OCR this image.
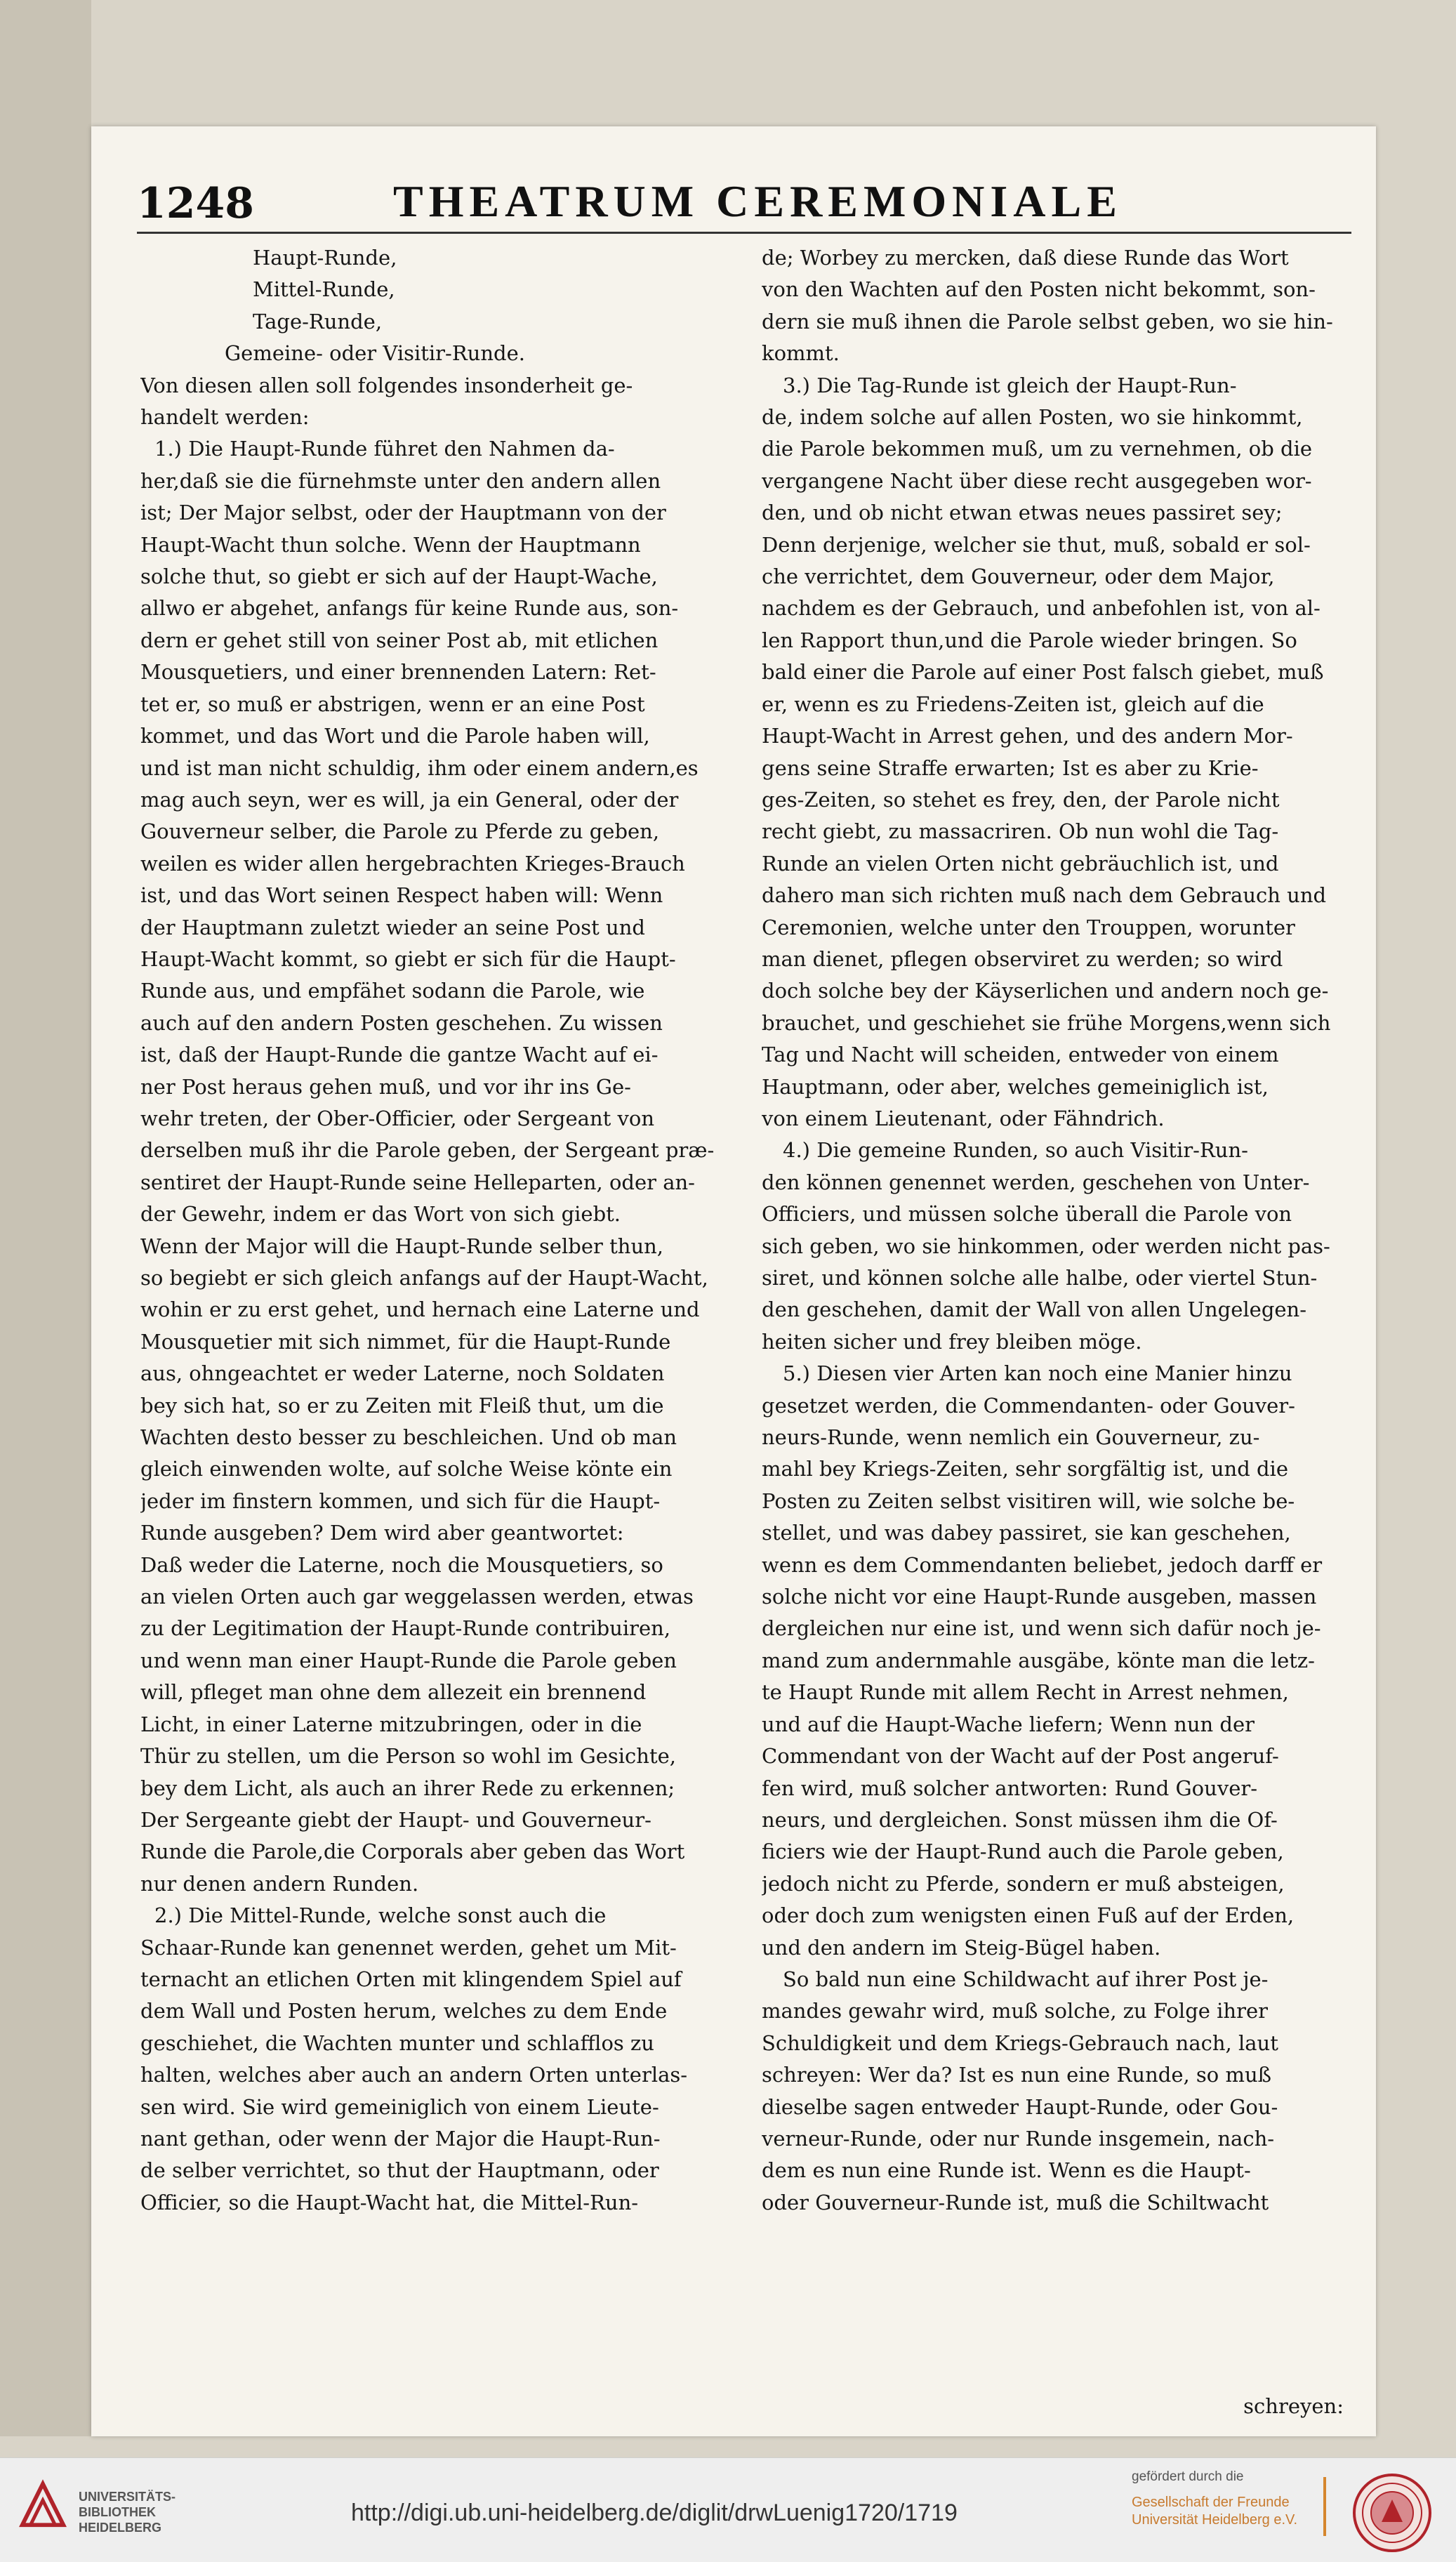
1248	THEATRUM CEREMONIALE
Haupt-Runde,
Mittel-Runde,
Tage-Runde,
Gemeine- oder Visitir-Runde.
Von diesen allen soll folgendes insonderheit ge-
handelt werden:
1.) Die Haupt-Runde führet den Nahmen da-
her,daß sie die fürnehmste unter den andern allen
ist; Der Major selbst, oder der Hauptmann von der
Haupt-Wacht thun solche. Wenn der Hauptmann
solche thut, so giebt er sich auf der Haupt-Wache,
allwo er abgehet, anfangs für keine Runde aus, son-
dern er gehet still von seiner Post ab, mit etlichen
Mousquetiers, und einer brennenden Latern: Ret-
tet er, so muß er abstrigen, wenn er an eine Post
kommet, und das Wort und die Parole haben will,
und ist man nicht schuldig, ihm oder einem andern,es
mag auch seyn, wer es will, ja ein General, oder der
Gouverneur selber, die Parole zu Pferde zu geben,
weilen es wider allen hergebrachten Krieges-Brauch
ist, und das Wort seinen Respect haben will: Wenn
der Hauptmann zuletzt wieder an seine Post und
Haupt-Wacht kommt, so giebt er sich für die Haupt-
Runde aus, und empfähet sodann die Parole, wie
auch auf den andern Posten geschehen. Zu wissen
ist, daß der Haupt-Runde die gantze Wacht auf ei-
ner Post heraus gehen muß, und vor ihr ins Ge-
wehr treten, der Ober-Officier, oder Sergeant von
derselben muß ihr die Parole geben, der Sergeant præ-
sentiret der Haupt-Runde seine Helleparten, oder an-
der Gewehr, indem er das Wort von sich giebt.
Wenn der Major will die Haupt-Runde selber thun,
so begiebt er sich gleich anfangs auf der Haupt-Wacht,
wohin er zu erst gehet, und hernach eine Laterne und
Mousquetier mit sich nimmet, für die Haupt-Runde
aus, ohngeachtet er weder Laterne, noch Soldaten
bey sich hat, so er zu Zeiten mit Fleiß thut, um die
Wachten desto besser zu beschleichen. Und ob man
gleich einwenden wolte, auf solche Weise könte ein
jeder im finstern kommen, und sich für die Haupt-
Runde ausgeben? Dem wird aber geantwortet:
Daß weder die Laterne, noch die Mousquetiers, so
an vielen Orten auch gar weggelassen werden, etwas
zu der Legitimation der Haupt-Runde contribuiren,
und wenn man einer Haupt-Runde die Parole geben
will, pfleget man ohne dem allezeit ein brennend
Licht, in einer Laterne mitzubringen, oder in die
Thür zu stellen, um die Person so wohl im Gesichte,
bey dem Licht, als auch an ihrer Rede zu erkennen;
Der Sergeante giebt der Haupt- und Gouverneur-
Runde die Parole,die Corporals aber geben das Wort
nur denen andern Runden.
2.) Die Mittel-Runde, welche sonst auch die
Schaar-Runde kan genennet werden, gehet um Mit-
ternacht an etlichen Orten mit klingendem Spiel auf
dem Wall und Posten herum, welches zu dem Ende
geschiehet, die Wachten munter und schlafflos zu
halten, welches aber auch an andern Orten unterlas-
sen wird. Sie wird gemeiniglich von einem Lieute-
nant gethan, oder wenn der Major die Haupt-Run-
de selber verrichtet, so thut der Hauptmann, oder
Officier, so die Haupt-Wacht hat, die Mittel-Run-
de; Worbey zu mercken, daß diese Runde das Wort
von den Wachten auf den Posten nicht bekommt, son-
dern sie muß ihnen die Parole selbst geben, wo sie hin-
kommt.
3.) Die Tag-Runde ist gleich der Haupt-Run-
de, indem solche auf allen Posten, wo sie hinkommt,
die Parole bekommen muß, um zu vernehmen, ob die
vergangene Nacht über diese recht ausgegeben wor-
den, und ob nicht etwan etwas neues passiret sey;
Denn derjenige, welcher sie thut, muß, sobald er sol-
che verrichtet, dem Gouverneur, oder dem Major,
nachdem es der Gebrauch, und anbefohlen ist, von al-
len Rapport thun,und die Parole wieder bringen. So
bald einer die Parole auf einer Post falsch giebet, muß
er, wenn es zu Friedens-Zeiten ist, gleich auf die
Haupt-Wacht in Arrest gehen, und des andern Mor-
gens seine Straffe erwarten; Ist es aber zu Krie-
ges-Zeiten, so stehet es frey, den, der Parole nicht
recht giebt, zu massacriren. Ob nun wohl die Tag-
Runde an vielen Orten nicht gebräuchlich ist, und
dahero man sich richten muß nach dem Gebrauch und
Ceremonien, welche unter den Trouppen, worunter
man dienet, pflegen observiret zu werden; so wird
doch solche bey der Käyserlichen und andern noch ge-
brauchet, und geschiehet sie frühe Morgens,wenn sich
Tag und Nacht will scheiden, entweder von einem
Hauptmann, oder aber, welches gemeiniglich ist,
von einem Lieutenant, oder Fähndrich.
4.) Die gemeine Runden, so auch Visitir-Run-
den können genennet werden, geschehen von Unter-
Officiers, und müssen solche überall die Parole von
sich geben, wo sie hinkommen, oder werden nicht pas-
siret, und können solche alle halbe, oder viertel Stun-
den geschehen, damit der Wall von allen Ungelegen-
heiten sicher und frey bleiben möge.
5.) Diesen vier Arten kan noch eine Manier hinzu
gesetzet werden, die Commendanten- oder Gouver-
neurs-Runde, wenn nemlich ein Gouverneur, zu-
mahl bey Kriegs-Zeiten, sehr sorgfältig ist, und die
Posten zu Zeiten selbst visitiren will, wie solche be-
stellet, und was dabey passiret, sie kan geschehen,
wenn es dem Commendanten beliebet, jedoch darff er
solche nicht vor eine Haupt-Runde ausgeben, massen
dergleichen nur eine ist, und wenn sich dafür noch je-
mand zum andernmahle ausgäbe, könte man die letz-
te Haupt Runde mit allem Recht in Arrest nehmen,
und auf die Haupt-Wache liefern; Wenn nun der
Commendant von der Wacht auf der Post angeruf-
fen wird, muß solcher antworten: Rund Gouver-
neurs, und dergleichen. Sonst müssen ihm die Of-
ficiers wie der Haupt-Rund auch die Parole geben,
jedoch nicht zu Pferde, sondern er muß absteigen,
oder doch zum wenigsten einen Fuß auf der Erden,
und den andern im Steig-Bügel haben.
So bald nun eine Schildwacht auf ihrer Post je-
mandes gewahr wird, muß solche, zu Folge ihrer
Schuldigkeit und dem Kriegs-Gebrauch nach, laut
schreyen: Wer da? Ist es nun eine Runde, so muß
dieselbe sagen entweder Haupt-Runde, oder Gou-
verneur-Runde, oder nur Runde insgemein, nach-
dem es nun eine Runde ist. Wenn es die Haupt-
oder Gouverneur-Runde ist, muß die Schiltwacht
schreyen:
UNIVERSITÄTS-
BIBLIOTHEK
HEIDELBERG
http://digi.ub.uni-heidelberg.de/diglit/drwLuenig1720/1719
gefördert durch die
Gesellschaft der Freunde
Universität Heidelberg e.V.
